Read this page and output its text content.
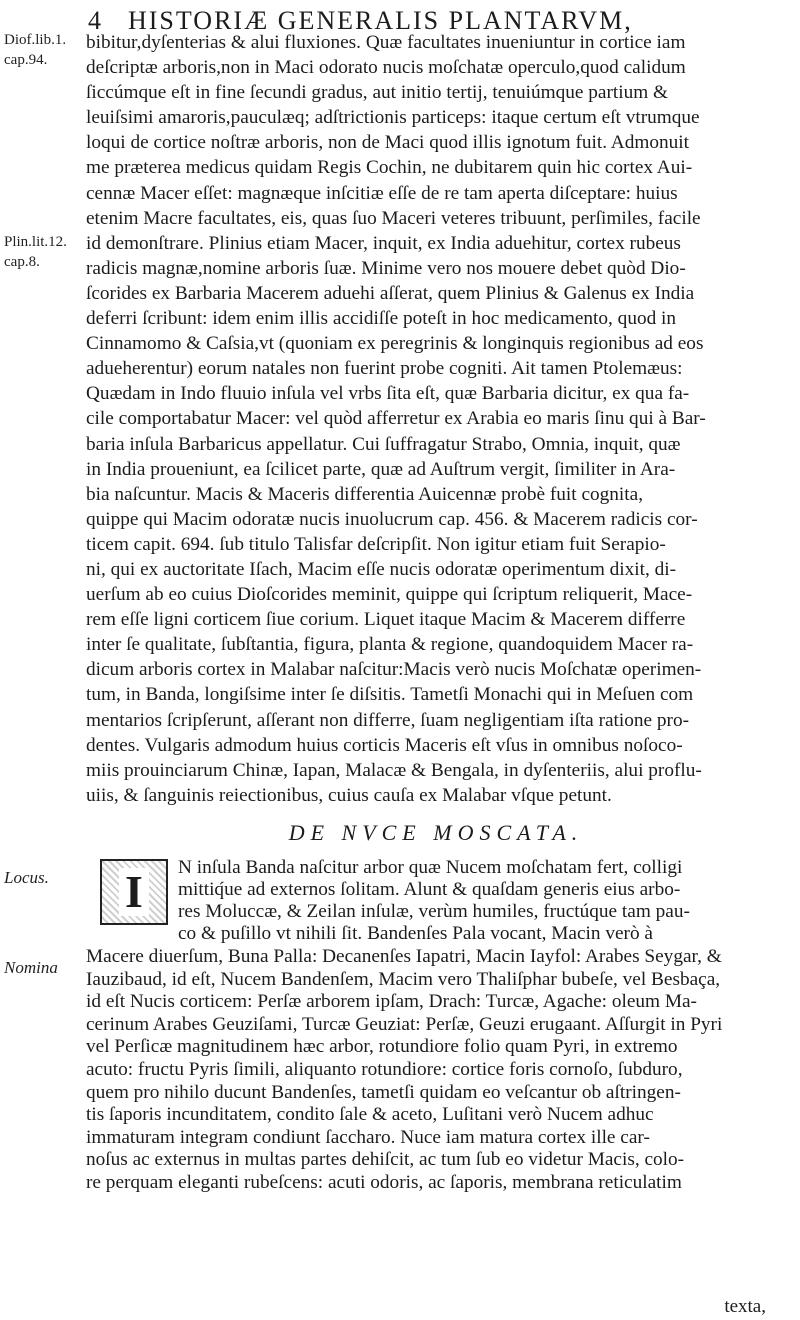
4 HISTORIÆ GENERALIS PLANTARVM,
Diof.lib.1.
cap.94.
Plin.lit.12.
cap.8.
Locus.
Nomina
bibitur,dyſenterias & alui fluxiones. Quæ facultates inueniuntur in cortice iam
deſcriptæ arboris,non in Maci odorato nucis moſchatæ operculo,quod calidum
ſiccúmque eſt in fine ſecundi gradus, aut initio tertij, tenuiúmque partium &
leuiſsimi amaroris,pauculæq; adſtrictionis particeps: itaque certum eſt vtrumque
loqui de cortice noſtræ arboris, non de Maci quod illis ignotum fuit. Admonuit
me præterea medicus quidam Regis Cochin, ne dubitarem quin hic cortex Aui-
cennæ Macer eſſet: magnæque inſcitiæ eſſe de re tam aperta diſceptare: huius
etenim Macre facultates, eis, quas ſuo Maceri veteres tribuunt, perſimiles, facile
id demonſtrare. Plinius etiam Macer, inquit, ex India aduehitur, cortex rubeus
radicis magnæ,nomine arboris ſuæ. Minime vero nos mouere debet quòd Dio-
ſcorides ex Barbaria Macerem aduehi aſſerat, quem Plinius & Galenus ex India
deferri ſcribunt: idem enim illis accidiſſe poteſt in hoc medicamento, quod in
Cinnamomo & Caſsia,vt (quoniam ex peregrinis & longinquis regionibus ad eos
adueherentur) eorum natales non fuerint probe cogniti. Ait tamen Ptolemæus:
Quædam in Indo fluuio inſula vel vrbs ſita eſt, quæ Barbaria dicitur, ex qua fa-
cile comportabatur Macer: vel quòd afferretur ex Arabia eo maris ſinu qui à Bar-
baria inſula Barbaricus appellatur. Cui ſuffragatur Strabo, Omnia, inquit, quæ
in India proueniunt, ea ſcilicet parte, quæ ad Auſtrum vergit, ſimiliter in Ara-
bia naſcuntur. Macis & Maceris differentia Auicennæ probè fuit cognita,
quippe qui Macim odoratæ nucis inuolucrum cap. 456. & Macerem radicis cor-
ticem capit. 694. ſub titulo Talisfar deſcripſit. Non igitur etiam fuit Serapio-
ni, qui ex auctoritate Iſach, Macim eſſe nucis odoratæ operimentum dixit, di-
uerſum ab eo cuius Dioſcorides meminit, quippe qui ſcriptum reliquerit, Mace-
rem eſſe ligni corticem ſiue corium. Liquet itaque Macim & Macerem differre
inter ſe qualitate, ſubſtantia, figura, planta & regione, quandoquidem Macer ra-
dicum arboris cortex in Malabar naſcitur:Macis verò nucis Moſchatæ operimen-
tum, in Banda, longiſsime inter ſe diſsitis. Tametſi Monachi qui in Meſuen com
mentarios ſcripſerunt, aſſerant non differre, ſuam negligentiam iſta ratione pro-
dentes. Vulgaris admodum huius corticis Maceris eſt vſus in omnibus noſoco-
miis prouinciarum Chinæ, Iapan, Malacæ & Bengala, in dyſenteriis, alui proflu-
uiis, & ſanguinis reiectionibus, cuius cauſa ex Malabar vſque petunt.
DE NVCE MOSCATA.
I	N inſula Banda naſcitur arbor quæ Nucem moſchatam fert, colligi
mittiq́ue ad externos ſolitam. Alunt & quaſdam generis eius arbo-
res Moluccæ, & Zeilan inſulæ, verùm humiles, fructúque tam pau-
co & puſillo vt nihili ſit. Bandenſes Pala vocant, Macin verò à
Macere diuerſum, Buna Palla: Decanenſes Iapatri, Macin Iayfol: Arabes Seygar, &
Iauzibaud, id eſt, Nucem Bandenſem, Macim vero Thaliſphar bubeſe, vel Besbaça,
id eſt Nucis corticem: Perſæ arborem ipſam, Drach: Turcæ, Agache: oleum Ma-
cerinum Arabes Geuziſami, Turcæ Geuziat: Perſæ, Geuzi erugaant. Aſſurgit in Pyri
vel Perſicæ magnitudinem hæc arbor, rotundiore folio quam Pyri, in extremo
acuto: fructu Pyris ſimili, aliquanto rotundiore: cortice foris cornoſo, ſubduro,
quem pro nihilo ducunt Bandenſes, tametſi quidam eo veſcantur ob aſtringen-
tis ſaporis incunditatem, condito ſale & aceto, Luſitani verò Nucem adhuc
immaturam integram condiunt ſaccharo. Nuce iam matura cortex ille car-
noſus ac externus in multas partes dehiſcit, ac tum ſub eo videtur Macis, colo-
re perquam eleganti rubeſcens: acuti odoris, ac ſaporis, membrana reticulatim
texta,
